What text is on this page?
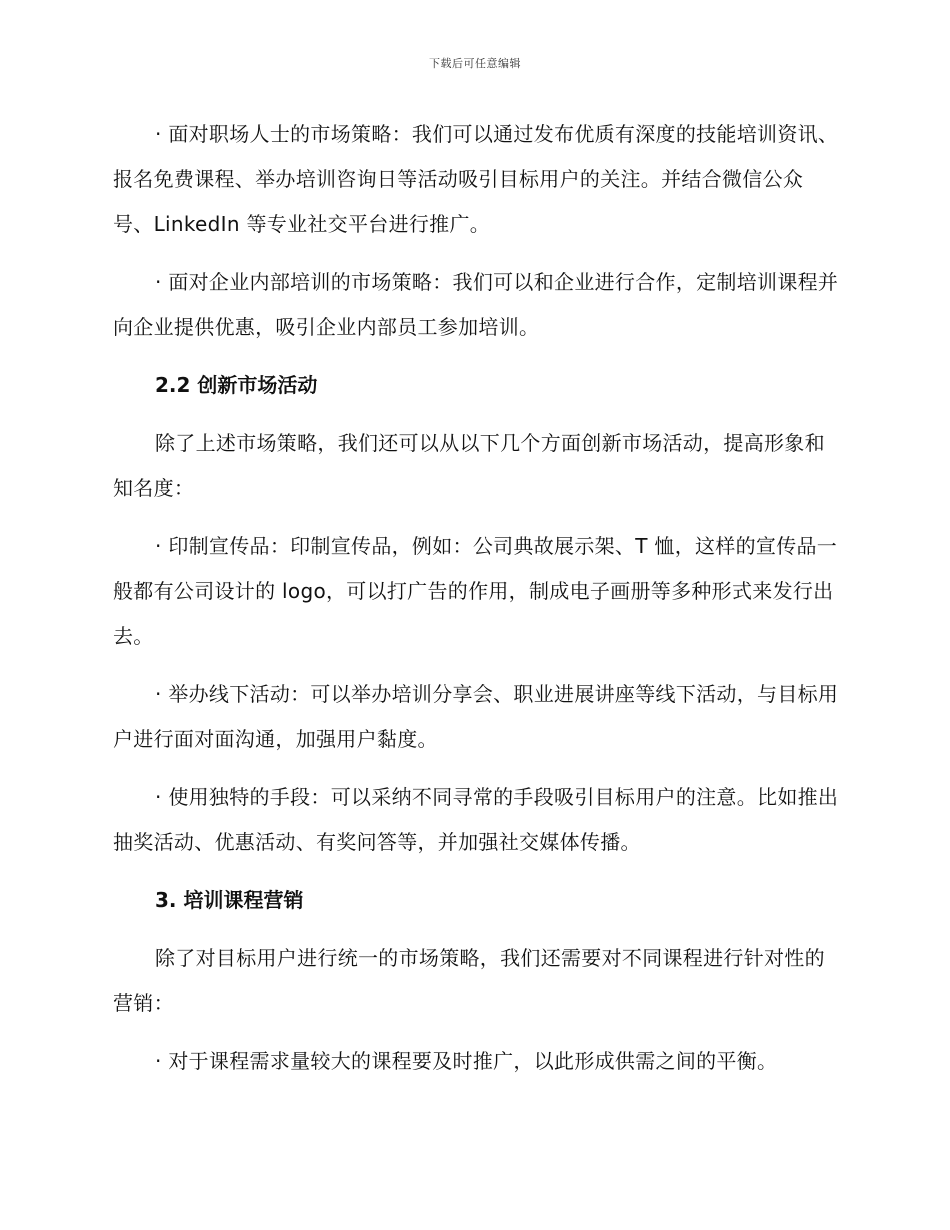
下载后可任意编辑

· 面对职场人士的市场策略：我们可以通过发布优质有深度的技能培训资讯、报名免费课程、举办培训咨询日等活动吸引目标用户的关注。并结合微信公众号、LinkedIn 等专业社交平台进行推广。

· 面对企业内部培训的市场策略：我们可以和企业进行合作，定制培训课程并向企业提供优惠，吸引企业内部员工参加培训。

2.2 创新市场活动

除了上述市场策略，我们还可以从以下几个方面创新市场活动，提高形象和知名度：

· 印制宣传品：印制宣传品，例如：公司典故展示架、T 恤，这样的宣传品一般都有公司设计的 logo，可以打广告的作用，制成电子画册等多种形式来发行出去。

· 举办线下活动：可以举办培训分享会、职业进展讲座等线下活动，与目标用户进行面对面沟通，加强用户黏度。

· 使用独特的手段：可以采纳不同寻常的手段吸引目标用户的注意。比如推出抽奖活动、优惠活动、有奖问答等，并加强社交媒体传播。

3. 培训课程营销

除了对目标用户进行统一的市场策略，我们还需要对不同课程进行针对性的营销：

· 对于课程需求量较大的课程要及时推广，以此形成供需之间的平衡。
